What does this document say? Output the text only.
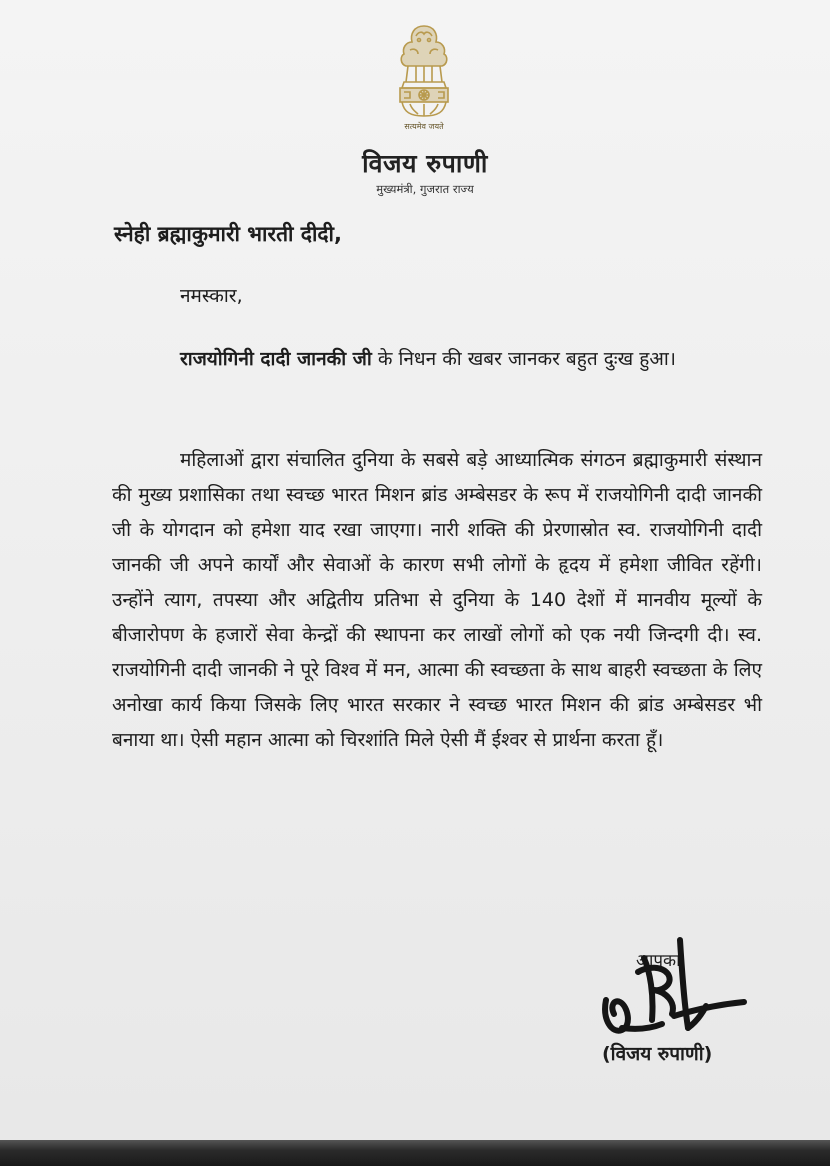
सत्यमेव जयते
विजय रुपाणी
मुख्यमंत्री, गुजरात राज्य
स्नेही ब्रह्माकुमारी भारती दीदी,
नमस्कार,

राजयोगिनी दादी जानकी जी के निधन की खबर जानकर बहुत दुःख हुआ।

महिलाओं द्वारा संचालित दुनिया के सबसे बड़े आध्यात्मिक संगठन ब्रह्माकुमारी संस्थान की मुख्य प्रशासिका तथा स्वच्छ भारत मिशन ब्रांड अम्बेसडर के रूप में राजयोगिनी दादी जानकी जी के योगदान को हमेशा याद रखा जाएगा। नारी शक्ति की प्रेरणास्रोत स्व. राजयोगिनी दादी जानकी जी अपने कार्यों और सेवाओं के कारण सभी लोगों के हृदय में हमेशा जीवित रहेंगी। उन्होंने त्याग, तपस्या और अद्वितीय प्रतिभा से दुनिया के 140 देशों में मानवीय मूल्यों के बीजारोपण के हजारों सेवा केन्द्रों की स्थापना कर लाखों लोगों को एक नयी जिन्दगी दी। स्व. राजयोगिनी दादी जानकी ने पूरे विश्व में मन, आत्मा की स्वच्छता के साथ बाहरी स्वच्छता के लिए अनोखा कार्य किया जिसके लिए भारत सरकार ने स्वच्छ भारत मिशन की ब्रांड अम्बेसडर भी बनाया था। ऐसी महान आत्मा को चिरशांति मिले ऐसी मैं ईश्वर से प्रार्थना करता हूँ।

आपका,
(विजय रुपाणी)
